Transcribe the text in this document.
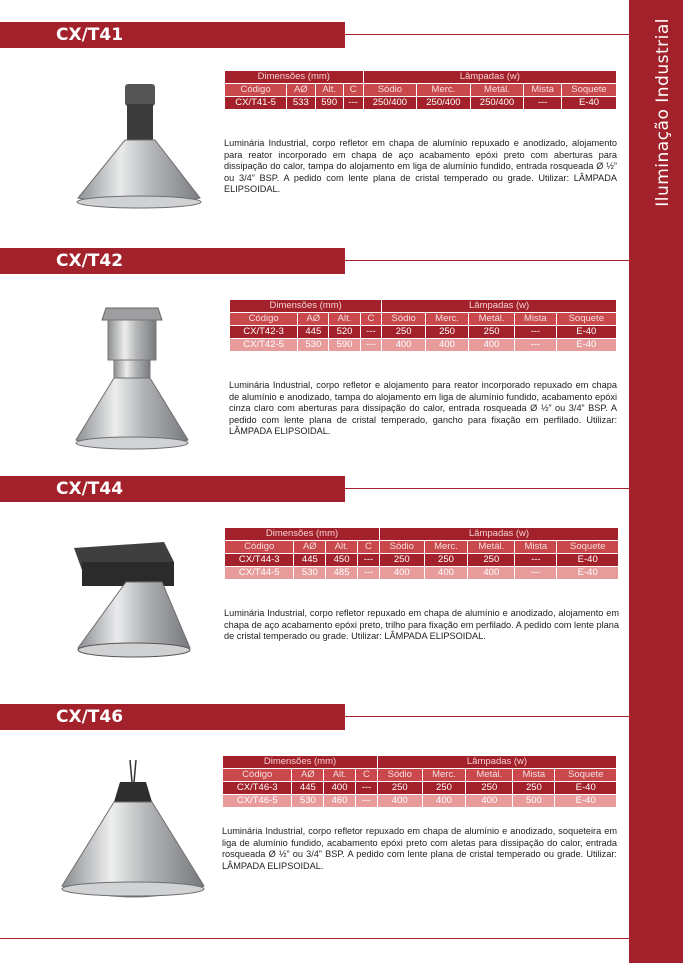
Iluminação Industrial
CX/T41
Dimensões (mm)				Lâmpadas (w)				
Código	AØ	Alt.	C	Sódio	Merc.	Metál.	Mista	Soquete
CX/T41-5	533	590	---	250/400	250/400	250/400	---	E-40
Luminária Industrial, corpo refletor em chapa de alumínio repuxado e anodizado, alojamento para reator incorporado em chapa de aço acabamento epóxi preto com aberturas para dissipação do calor, tampa do alojamento em liga de alumínio fundido, entrada rosqueada Ø ½” ou 3/4” BSP. A pedido com lente plana de cristal temperado ou grade. Utilizar: LÂMPADA ELIPSOIDAL.
CX/T42
Dimensões (mm)				Lâmpadas (w)				
Código	AØ	Alt.	C	Sódio	Merc.	Metál.	Mista	Soquete
CX/T42-3	445	520	---	250	250	250	---	E-40
CX/T42-5	530	590	---	400	400	400	---	E-40
Luminária Industrial, corpo refletor e alojamento para reator incorporado repuxado em chapa de alumínio e anodizado, tampa do alojamento em liga de alumínio fundido, acabamento epóxi cinza claro com aberturas para dissipação do calor, entrada rosqueada Ø ½” ou 3/4” BSP. A pedido com lente plana de cristal temperado, gancho para fixação em perfilado. Utilizar: LÂMPADA ELIPSOIDAL.
CX/T44
Dimensões (mm)				Lâmpadas (w)				
Código	AØ	Alt.	C	Sódio	Merc.	Metál.	Mista	Soquete
CX/T44-3	445	450	---	250	250	250	---	E-40
CX/T44-5	530	485	---	400	400	400	---	E-40
Luminária Industrial, corpo refletor repuxado em chapa de alumínio e anodizado, alojamento em chapa de aço acabamento epóxi preto, trilho para fixação em perfilado. A pedido com lente plana de cristal temperado ou grade. Utilizar: LÂMPADA ELIPSOIDAL.
CX/T46
Dimensões (mm)				Lâmpadas (w)				
Código	AØ	Alt.	C	Sódio	Merc.	Metál.	Mista	Soquete
CX/T46-3	445	400	---	250	250	250	250	E-40
CX/T46-5	530	460	---	400	400	400	500	E-40
Luminária Industrial, corpo refletor repuxado em chapa de alumínio e anodizado, soqueteira em liga de alumínio fundido, acabamento epóxi preto com aletas para dissipação do calor, entrada rosqueada Ø ½” ou 3/4” BSP. A pedido com lente plana de cristal temperado ou grade. Utilizar: LÂMPADA ELIPSOIDAL.
